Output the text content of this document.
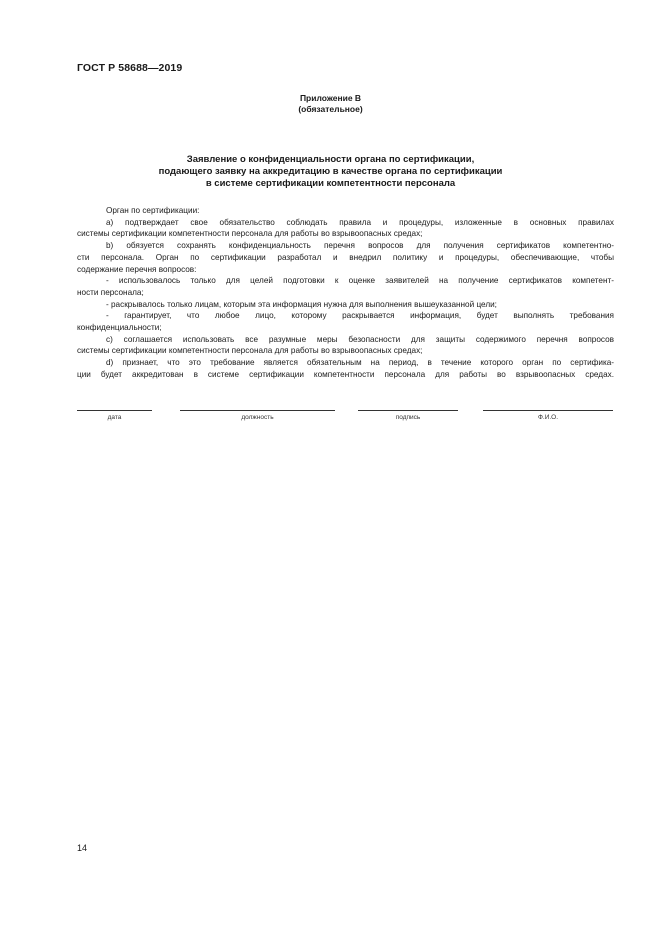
ГОСТ Р 58688—2019
Приложение В
(обязательное)
Заявление о конфиденциальности органа по сертификации,
подающего заявку на аккредитацию в качестве органа по сертификации
в системе сертификации компетентности персонала
Орган по сертификации:
a) подтверждает свое обязательство соблюдать правила и процедуры, изложенные в основных правилах
системы сертификации компетентности персонала для работы во взрывоопасных средах;
b) обязуется сохранять конфиденциальность перечня вопросов для получения сертификатов компетентно-
сти персонала. Орган по сертификации разработал и внедрил политику и процедуры, обеспечивающие, чтобы
содержание перечня вопросов:
- использовалось только для целей подготовки к оценке заявителей на получение сертификатов компетент-
ности персонала;
- раскрывалось только лицам, которым эта информация нужна для выполнения вышеуказанной цели;
- гарантирует, что любое лицо, которому раскрывается информация, будет выполнять требования
конфиденциальности;
c) соглашается использовать все разумные меры безопасности для защиты содержимого перечня вопросов
системы сертификации компетентности персонала для работы во взрывоопасных средах;
d) признает, что это требование является обязательным на период, в течение которого орган по сертифика-
ции будет аккредитован в системе сертификации компетентности персонала для работы во взрывоопасных средах.
дата	должность	подпись	Ф.И.О.
14
